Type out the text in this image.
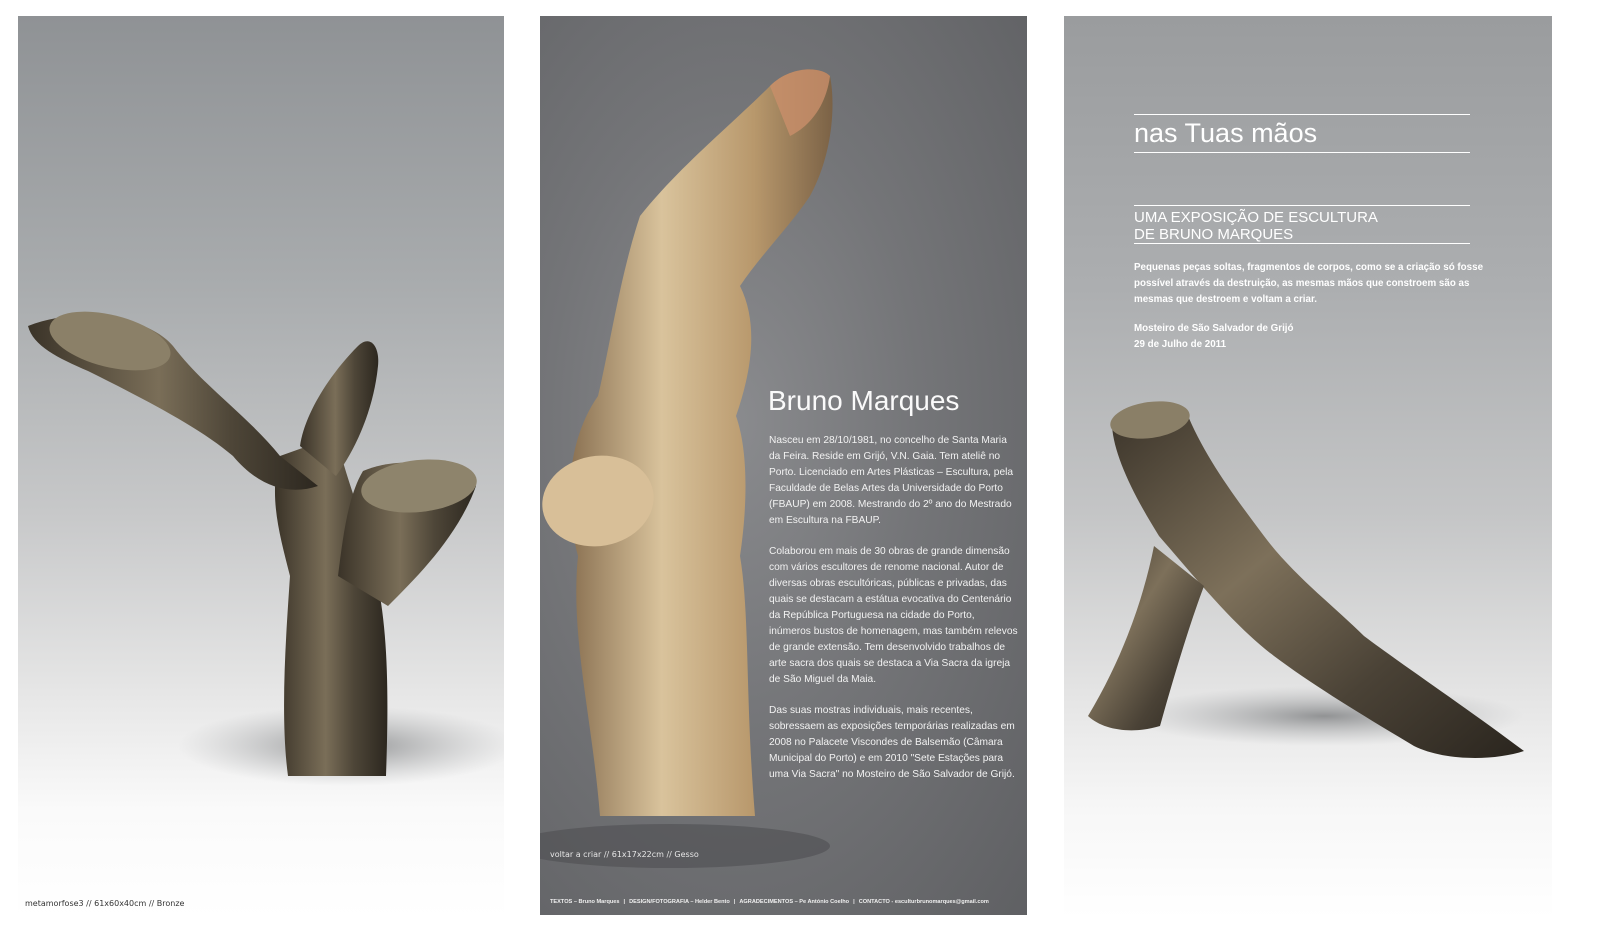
metamorfose3 // 61x60x40cm // Bronze
voltar a criar // 61x17x22cm // Gesso
Bruno Marques

Nasceu em 28/10/1981, no concelho de Santa Maria da Feira. Reside em Grijó, V.N. Gaia. Tem ateliê no Porto. Licenciado em Artes Plásticas – Escultura, pela Faculdade de Belas Artes da Universidade do Porto (FBAUP) em 2008. Mestrando do 2º ano do Mestrado em Escultura na FBAUP.

Colaborou em mais de 30 obras de grande dimensão com vários escultores de renome nacional. Autor de diversas obras escultóricas, públicas e privadas, das quais se destacam a estátua evocativa do Centenário da República Portuguesa na cidade do Porto, inúmeros bustos de homenagem, mas também relevos de grande extensão. Tem desenvolvido trabalhos de arte sacra dos quais se destaca a Via Sacra da igreja de São Miguel da Maia.

Das suas mostras individuais, mais recentes, sobressaem as exposições temporárias realizadas em 2008 no Palacete Viscondes de Balsemão (Câmara Municipal do Porto) e em 2010 "Sete Estações para uma Via Sacra" no Mosteiro de São Salvador de Grijó.

TEXTOS – Bruno Marques | DESIGN/FOTOGRAFIA – Helder Bento | AGRADECIMENTOS – Pe António Coelho | CONTACTO - esculturbrunomarques@gmail.com
nas Tuas mãos

UMA EXPOSIÇÃO DE ESCULTURA
DE BRUNO MARQUES

Pequenas peças soltas, fragmentos de corpos, como se a criação só fosse possível através da destruição, as mesmas mãos que constroem são as mesmas que destroem e voltam a criar.

Mosteiro de São Salvador de Grijó

29 de Julho de 2011
